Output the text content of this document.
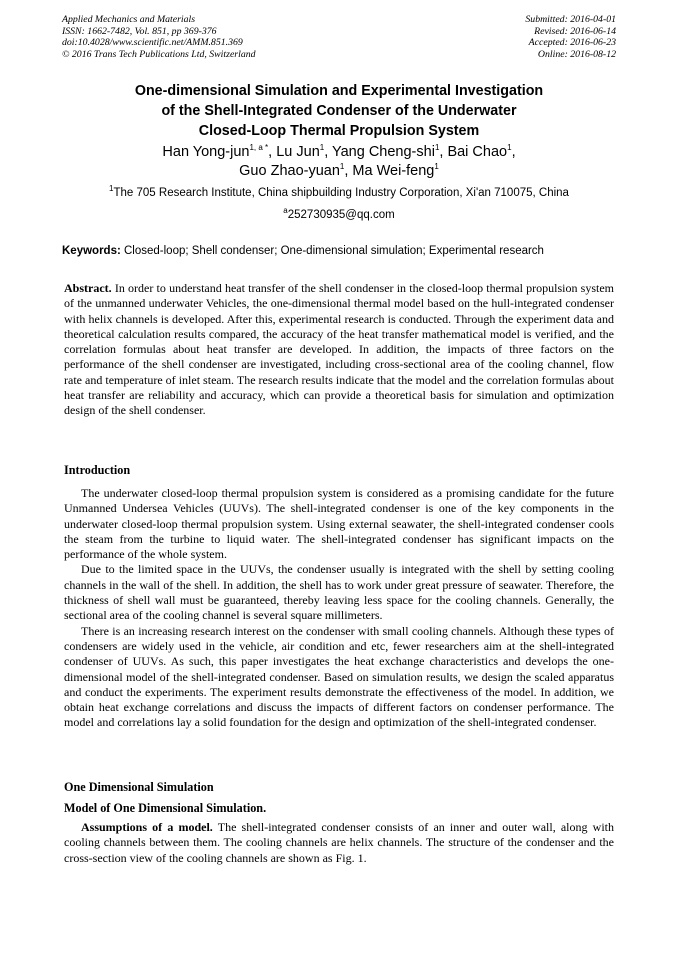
Applied Mechanics and Materials
ISSN: 1662-7482, Vol. 851, pp 369-376
doi:10.4028/www.scientific.net/AMM.851.369
© 2016 Trans Tech Publications Ltd, Switzerland
Submitted: 2016-04-01
Revised: 2016-06-14
Accepted: 2016-06-23
Online: 2016-08-12
One-dimensional Simulation and Experimental Investigation
of the Shell-Integrated Condenser of the Underwater
Closed-Loop Thermal Propulsion System
Han Yong-jun$^{1, a *}$, Lu Jun$^1$, Yang Cheng-shi$^1$, Bai Chao$^1$,
Guo Zhao-yuan$^1$, Ma Wei-feng$^1$
$^1$The 705 Research Institute, China shipbuilding Industry Corporation, Xi'an 710075, China
$^a$252730935@qq.com
Keywords: Closed-loop; Shell condenser; One-dimensional simulation; Experimental research

Abstract. In order to understand heat transfer of the shell condenser in the closed-loop thermal propulsion system of the unmanned underwater Vehicles, the one-dimensional thermal model based on the hull-integrated condenser with helix channels is developed. After this, experimental research is conducted. Through the experiment data and theoretical calculation results compared, the accuracy of the heat transfer mathematical model is verified, and the correlation formulas about heat transfer are developed. In addition, the impacts of three factors on the performance of the shell condenser are investigated, including cross-sectional area of the cooling channel, flow rate and temperature of inlet steam. The research results indicate that the model and the correlation formulas about heat transfer are reliability and accuracy, which can provide a theoretical basis for simulation and optimization design of the shell condenser.

Introduction

The underwater closed-loop thermal propulsion system is considered as a promising candidate for the future Unmanned Undersea Vehicles (UUVs). The shell-integrated condenser is one of the key components in the underwater closed-loop thermal propulsion system. Using external seawater, the shell-integrated condenser cools the steam from the turbine to liquid water. The shell-integrated condenser has significant impacts on the performance of the whole system.

Due to the limited space in the UUVs, the condenser usually is integrated with the shell by setting cooling channels in the wall of the shell. In addition, the shell has to work under great pressure of seawater. Therefore, the thickness of shell wall must be guaranteed, thereby leaving less space for the cooling channels. Generally, the sectional area of the cooling channel is several square millimeters.

There is an increasing research interest on the condenser with small cooling channels. Although these types of condensers are widely used in the vehicle, air condition and etc, fewer researchers aim at the shell-integrated condenser of UUVs. As such, this paper investigates the heat exchange characteristics and develops the one-dimensional model of the shell-integrated condenser. Based on simulation results, we design the scaled apparatus and conduct the experiments. The experiment results demonstrate the effectiveness of the model. In addition, we obtain heat exchange correlations and discuss the impacts of different factors on condenser performance. The model and correlations lay a solid foundation for the design and optimization of the shell-integrated condenser.

One Dimensional Simulation
Model of One Dimensional Simulation.

Assumptions of a model. The shell-integrated condenser consists of an inner and outer wall, along with cooling channels between them. The cooling channels are helix channels. The structure of the condenser and the cross-section view of the cooling channels are shown as Fig. 1.
